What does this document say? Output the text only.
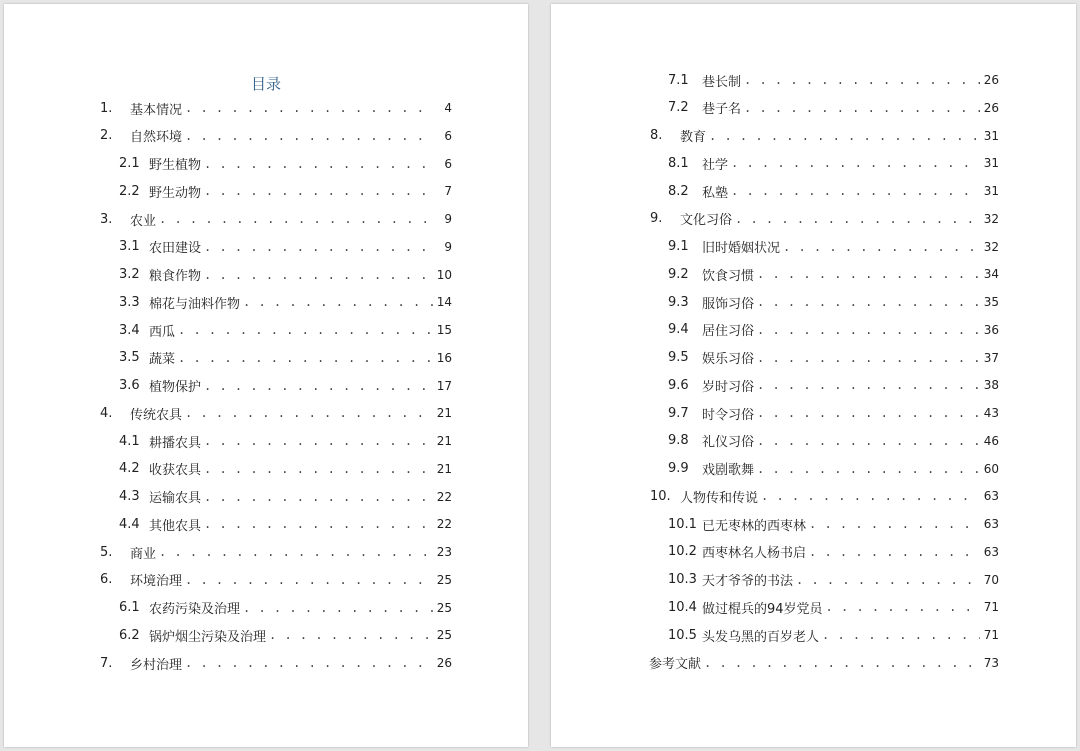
目录
1.	基本情况 . . .	4
2.	自然环境 . . .	6
2.1 野生植物 . . .	6
2.2 野生动物 . . .	7
3.	农业 . . .	9
3.1 农田建设 . . .	9
3.2 粮食作物 . . .	10
3.3 棉花与油料作物 . . .	14
3.4 西瓜 . . .	15
3.5 蔬菜 . . .	16
3.6 植物保护 . . .	17
4.	传统农具 . . .	21
4.1 耕播农具 . . .	21
4.2 收获农具 . . .	21
4.3 运输农具 . . .	22
4.4 其他农具 . . .	22
5.	商业 . . .	23
6.	环境治理 . . .	25
6.1 农药污染及治理 . . .	25
6.2 锅炉烟尘污染及治理 . . .	25
7.	乡村治理 . . .	26
7.1	巷长制 . . .	26
7.2	巷子名 . . .	26
8.	教育 . . .	31
8.1	社学 . . .	31
8.2	私塾 . . .	31
9.	文化习俗 . . .	32
9.1	旧时婚姻状况 . . .	32
9.2	饮食习惯 . . .	34
9.3	服饰习俗 . . .	35
9.4	居住习俗 . . .	36
9.5	娱乐习俗 . . .	37
9.6	岁时习俗 . . .	38
9.7	时令习俗 . . .	43
9.8	礼仪习俗 . . .	46
9.9	戏剧歌舞 . . .	60
10. 人物传和传说 . . .	63
10.1 已无枣林的西枣林 . . .	63
10.2 西枣林名人杨书启 . . .	63
10.3 天才爷爷的书法 . . .	70
10.4 做过棍兵的94岁党员 . . .	71
10.5 头发乌黑的百岁老人 . . .	71
参考文献 . . .	73
